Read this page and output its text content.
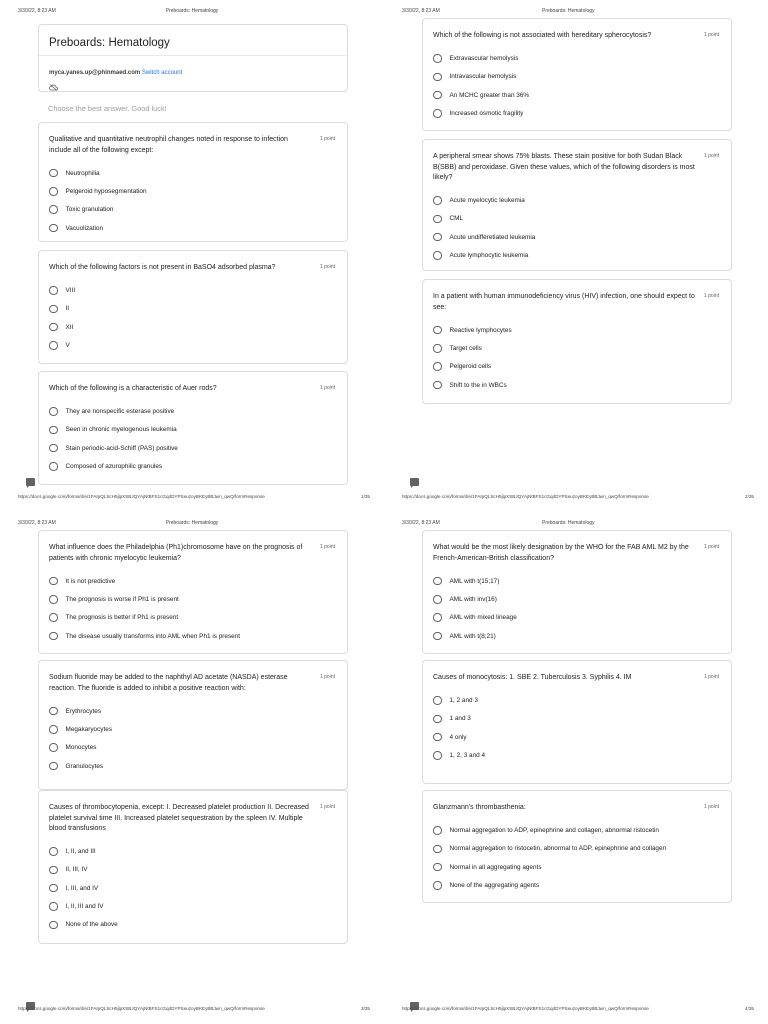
3/30/22, 8:23 AM	Preboards: Hematology
Preboards: Hematology
myca.yanes.up@phinmaed.com Switch account
Choose the best answer. Good luck!
Qualitative and quantitative neutrophil changes noted in response to infection include all of the following except:
1 point
Neutrophilia
Pelgeroid hyposegmentation
Toxic granulation
Vacuolization
Which of the following factors is not present in BaSO4 adsorbed plasma?	1 point
VIII
II
XII
V
Which of the following is a characteristic of Auer rods?	1 point
They are nonspecific esterase positive
Seen in chronic myelogenous leukemia
Stain periodic-acid-Schiff (PAS) positive
Composed of azurophilic granules
https://docs.google.com/forms/d/e/1FAIpQLScH5jlpXSBJQYAjNtBFS1cGqdDYPSeuzoyBKEyBBJwn_qwQ/formResponse	1/35
3/30/22, 8:23 AM	Preboards: Hematology
Which of the following is not associated with hereditary spherocytosis?	1 point
Extravascular hemolysis
Intravascular hemolysis
An MCHC greater than 36%
Increased osmotic fragility
A peripheral smear shows 75% blasts. These stain positive for both Sudan Black B(SBB) and peroxidase. Given these values, which of the following disorders is most likely?
1 point
Acute myelocytic leukemia
CML
Acute undifferetiated leukemia
Acute lymphocytic leukemia
In a patient with human immunodeficiency virus (HIV) infection, one should expect to see:
1 point
Reactive lymphocytes
Target cells
Pelgeroid cells
Shift to the in WBCs
https://docs.google.com/forms/d/e/1FAIpQLScH5jlpXSBJQYAjNtBFS1cGqdDYPSeuzoyBKEyBBJwn_qwQ/formResponse	2/35
3/30/22, 8:23 AM	Preboards: Hematology
What influence does the Philadelphia (Ph1)chromosome have on the prognosis of patients with chronic myelocytic leukemia?
1 point
It is not predictive
The prognosis is worse if Ph1 is present
The prognosis is better if Ph1 is present
The disease usually transforms into AML when Ph1 is present
Sodium fluoride may be added to the naphthyl AD acetate (NASDA) esterase reaction. The fluoride is added to inhibit a positive reaction with:
1 point
Erythrocytes
Megakaryocytes
Monocytes
Granulocytes
Causes of thrombocytopenia, except: I. Decreased platelet production II. Decreased platelet survival time III. Increased platelet sequestration by the spleen IV. Multiple blood transfusions
1 point
I, II, and III
II, III, IV
I, III, and IV
I, II, III and IV
None of the above
https://docs.google.com/forms/d/e/1FAIpQLScH5jlpXSBJQYAjNtBFS1cGqdDYPSeuzoyBKEyBBJwn_qwQ/formResponse	3/35
3/30/22, 8:23 AM	Preboards: Hematology
What would be the most likely designation by the WHO for the FAB AML M2 by the French-American-British classification?
1 point
AML with t(15;17)
AML with inv(16)
AML with mixed lineage
AML with t(8;21)
Causes of monocytosis: 1. SBE 2. Tuberculosis 3. Syphilis 4. IM	1 point
1, 2 and 3
1 and 3
4 only
1, 2, 3 and 4
Glanzmann's thrombasthenia:	1 point
Normal aggregation to ADP, epinephrine and collagen, abnormal ristocetin
Normal aggregation to ristocetin, abnormal to ADP, epinephrine and collagen
Normal in all aggregating agents
None of the aggregating agents
https://docs.google.com/forms/d/e/1FAIpQLScH5jlpXSBJQYAjNtBFS1cGqdDYPSeuzoyBKEyBBJwn_qwQ/formResponse	4/35
